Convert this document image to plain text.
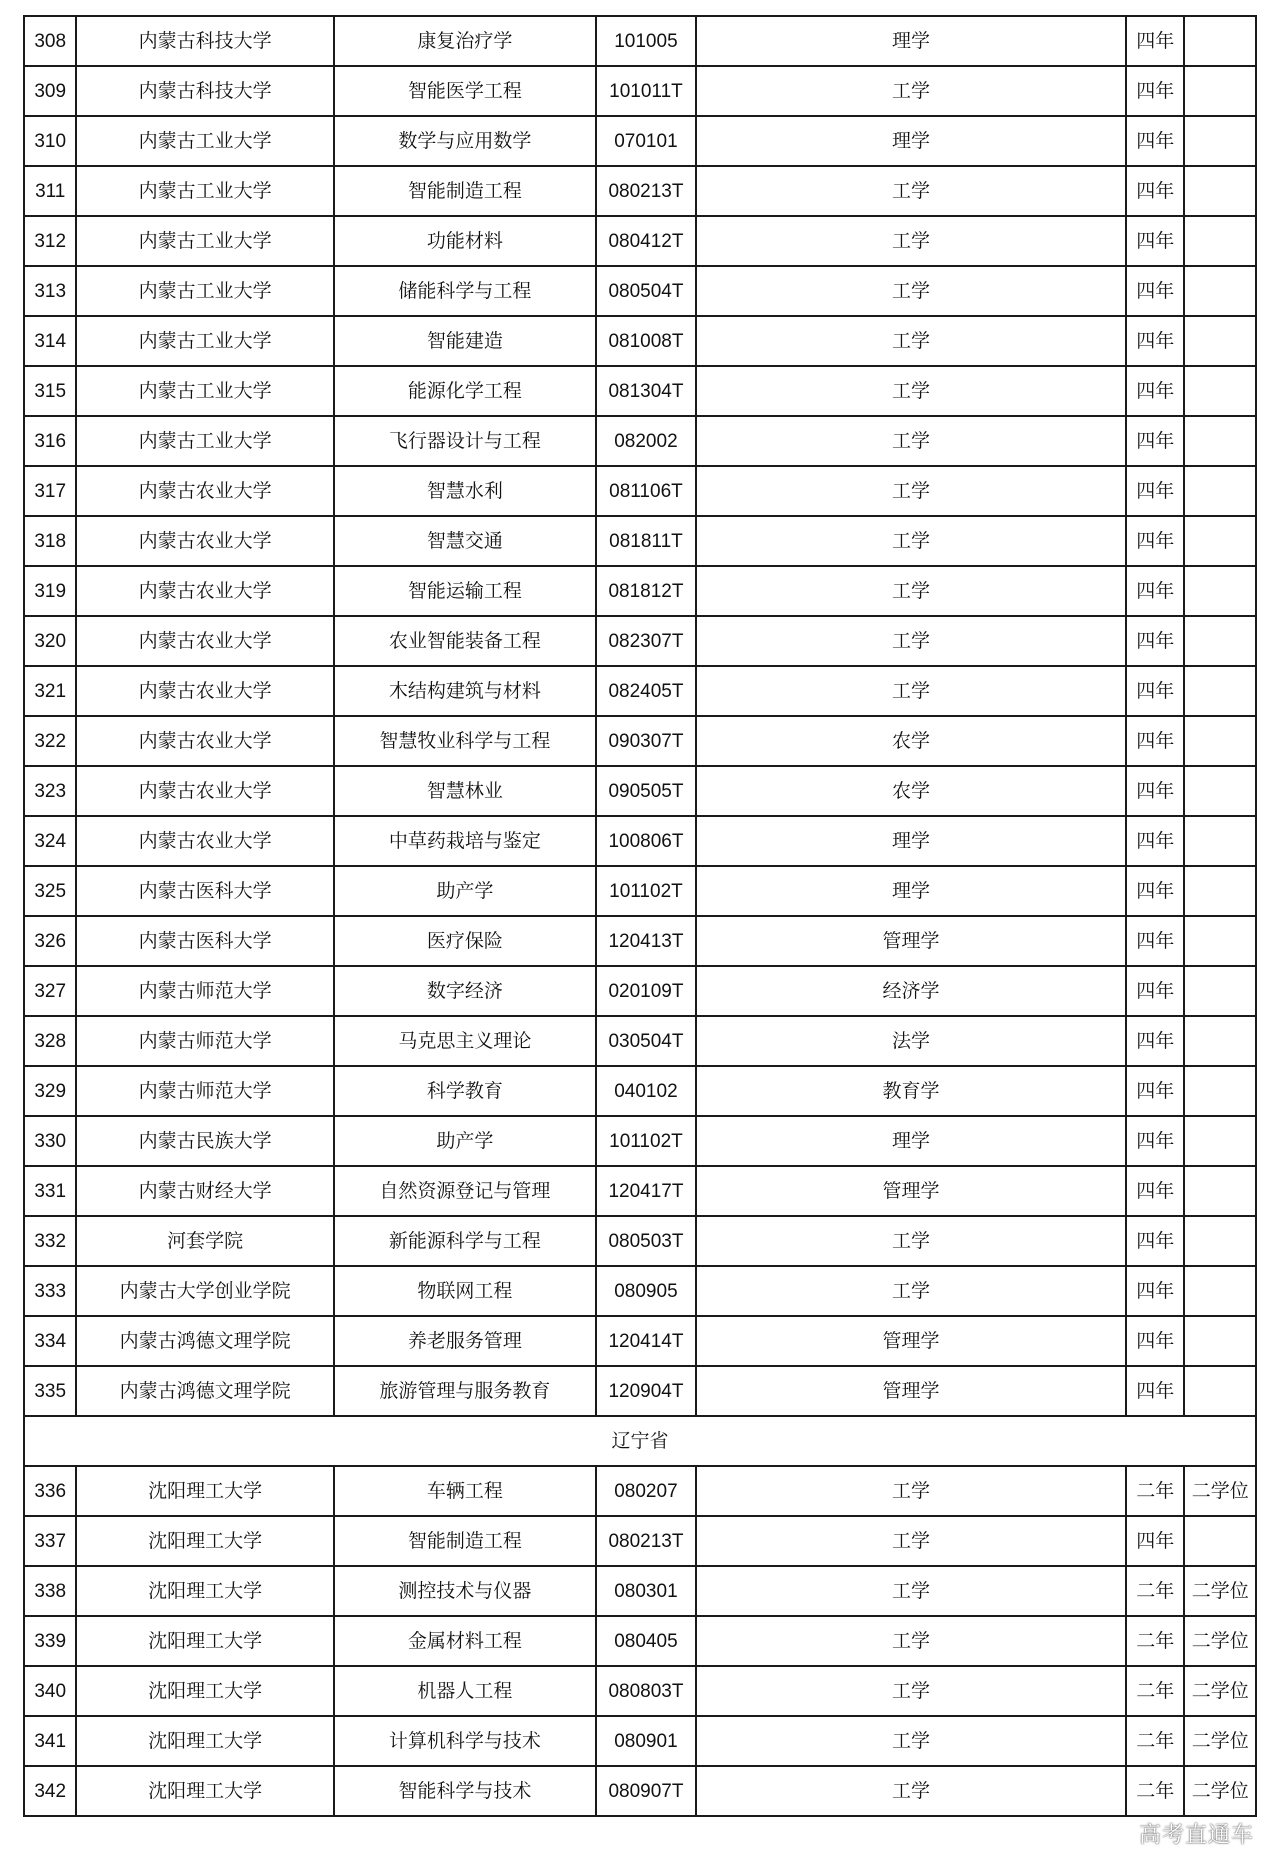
308	内蒙古科技大学	康复治疗学	101005	理学	四年	
309	内蒙古科技大学	智能医学工程	101011T	工学	四年	
310	内蒙古工业大学	数学与应用数学	070101	理学	四年	
311	内蒙古工业大学	智能制造工程	080213T	工学	四年	
312	内蒙古工业大学	功能材料	080412T	工学	四年	
313	内蒙古工业大学	储能科学与工程	080504T	工学	四年	
314	内蒙古工业大学	智能建造	081008T	工学	四年	
315	内蒙古工业大学	能源化学工程	081304T	工学	四年	
316	内蒙古工业大学	飞行器设计与工程	082002	工学	四年	
317	内蒙古农业大学	智慧水利	081106T	工学	四年	
318	内蒙古农业大学	智慧交通	081811T	工学	四年	
319	内蒙古农业大学	智能运输工程	081812T	工学	四年	
320	内蒙古农业大学	农业智能装备工程	082307T	工学	四年	
321	内蒙古农业大学	木结构建筑与材料	082405T	工学	四年	
322	内蒙古农业大学	智慧牧业科学与工程	090307T	农学	四年	
323	内蒙古农业大学	智慧林业	090505T	农学	四年	
324	内蒙古农业大学	中草药栽培与鉴定	100806T	理学	四年	
325	内蒙古医科大学	助产学	101102T	理学	四年	
326	内蒙古医科大学	医疗保险	120413T	管理学	四年	
327	内蒙古师范大学	数字经济	020109T	经济学	四年	
328	内蒙古师范大学	马克思主义理论	030504T	法学	四年	
329	内蒙古师范大学	科学教育	040102	教育学	四年	
330	内蒙古民族大学	助产学	101102T	理学	四年	
331	内蒙古财经大学	自然资源登记与管理	120417T	管理学	四年	
332	河套学院	新能源科学与工程	080503T	工学	四年	
333	内蒙古大学创业学院	物联网工程	080905	工学	四年	
334	内蒙古鸿德文理学院	养老服务管理	120414T	管理学	四年	
335	内蒙古鸿德文理学院	旅游管理与服务教育	120904T	管理学	四年	
辽宁省						
336	沈阳理工大学	车辆工程	080207	工学	二年	二学位
337	沈阳理工大学	智能制造工程	080213T	工学	四年	
338	沈阳理工大学	测控技术与仪器	080301	工学	二年	二学位
339	沈阳理工大学	金属材料工程	080405	工学	二年	二学位
340	沈阳理工大学	机器人工程	080803T	工学	二年	二学位
341	沈阳理工大学	计算机科学与技术	080901	工学	二年	二学位
342	沈阳理工大学	智能科学与技术	080907T	工学	二年	二学位
高考直通车
